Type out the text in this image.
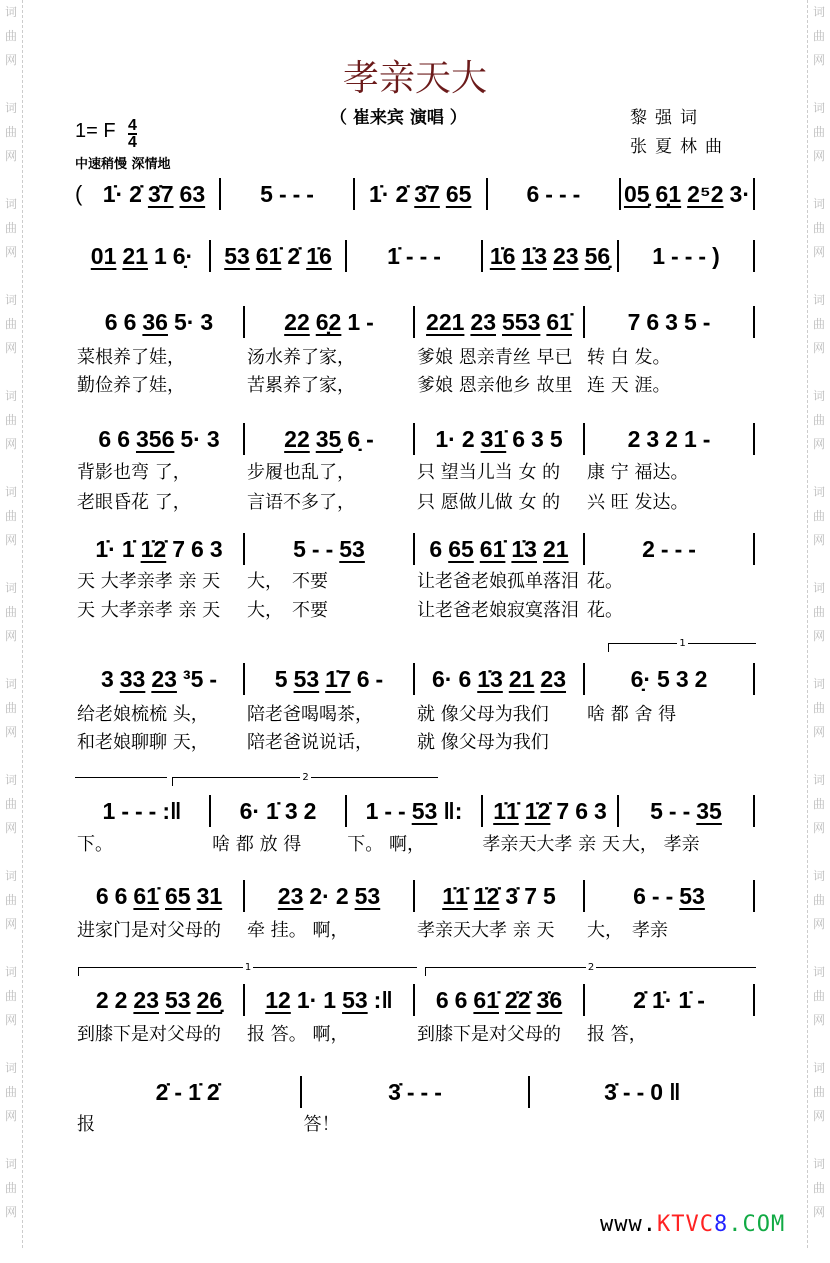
词
曲
网

词
曲
网

词
曲
网

词
曲
网

词
曲
网

词
曲
网

词
曲
网

词
曲
网

词
曲
网

词
曲
网

词
曲
网

词
曲
网

词
曲
网

词
曲
网

词
曲
网

词
曲
网

词
曲
网

词
曲
网

词
曲
网

词
曲
网

词
曲
网

词
曲
网

词
曲
网

词
曲
网

词
曲
网

词
曲
网

孝亲天大
（ 崔来宾 演唱 ）	黎强词
张夏林曲
1= F 4
4
中速稍慢 深情地
( 1̇· 2̇ 3̇7 63	5 - - -	1̇· 2̇ 3̇7 65	6 - - -	05̣ 6̣1 2⁵2 3·
01 21 1 6̣·	53 61̇ 2̇ 1̇6	1̇ - - -	1̇6 1̇3 23 56̣	1 - - - )
6 6 36 5· 3	22 6̣2 1 -	221 23 553 61̇	7 6 3 5 -
菜根养了娃，	汤水养了家，	爹娘 恩亲青丝 早已 转 白 发。
勤俭养了娃，	苦累养了家，	爹娘 恩亲他乡 故里 连 天 涯。
6 6 356 5· 3	22 35̣ 6̣ -	1· 2 31̇ 6 3 5	2 3 2 1 -
背影也弯 了，	步履也乱了，	只 望当儿当 女 的	康 宁 福达。
老眼昏花 了，	言语不多了，	只 愿做儿做 女 的	兴 旺 发达。
1̇· 1̇ 1̇2̇ 7 6 3	5 - - 53	6 65 61̇ 1̇3 21	2 - - -
天 大孝亲孝 亲 天	大，　不要	让老爸老娘孤单落泪 花。
天 大孝亲孝 亲 天	大，　不要	让老爸老娘寂寞落泪 花。
3 33 23 ³5 -	5 53 1̇7 6 -	6· 6 1̇3 21 23	6̣· 5 3 2
给老娘梳梳 头，	陪老爸喝喝茶，	就 像父母为我们	啥 都 舍 得
和老娘聊聊 天，	陪老爸说说话，	就 像父母为我们
1 - - - :‖	6· 1̇ 3 2	1 - - 53 ‖:	1̇1̇ 1̇2̇ 7 6 3	5 - - 35
下。	啥 都 放 得	下。 啊，	孝亲天大孝 亲 天 大， 孝亲
6 6 61̇ 65 31	23 2· 2 53	1̇1̇ 1̇2̇ 3̇ 7 5	6 - - 53
进家门是对父母的	牵 挂。 啊，	孝亲天大孝 亲 天	大，　孝亲
2 2 23 53 26̣	12 1· 1 53 :‖	6 6 61̇ 2̇2̇ 3̇6	2̇ 1̇· 1̇ -
到膝下是对父母的	报 答。 啊，	到膝下是对父母的	报 答，
2̇ - 1̇ 2̇	3̇ - - -	3̇ - - 0 ‖
报	答！
1
2
1	2
www.KTVC8.COM
